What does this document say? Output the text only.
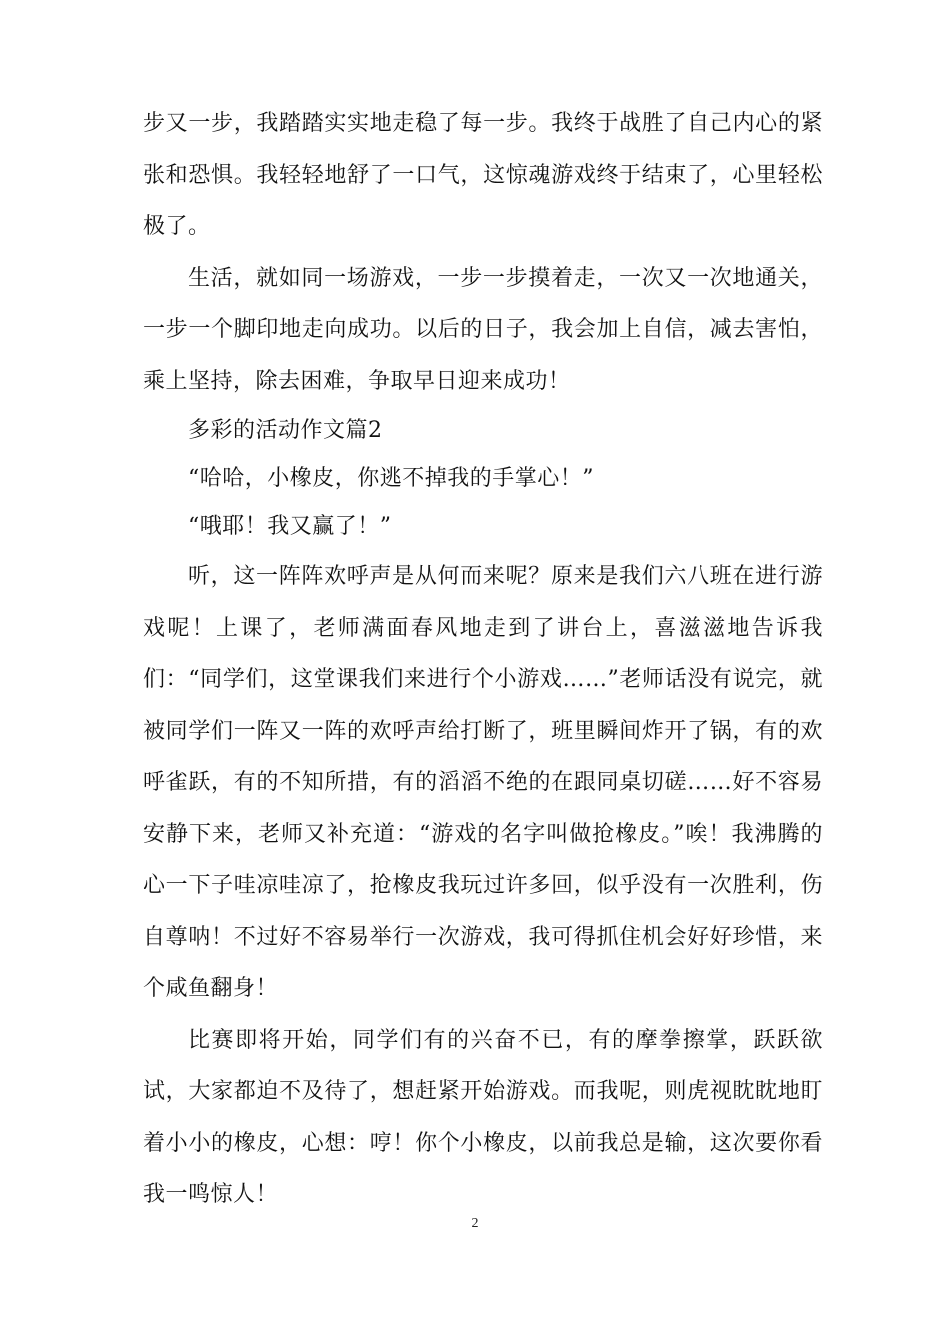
步又一步，我踏踏实实地走稳了每一步。我终于战胜了自己内心的紧张和恐惧。我轻轻地舒了一口气，这惊魂游戏终于结束了，心里轻松极了。

生活，就如同一场游戏，一步一步摸着走，一次又一次地通关，一步一个脚印地走向成功。以后的日子，我会加上自信，减去害怕，乘上坚持，除去困难，争取早日迎来成功！

多彩的活动作文篇2

“哈哈，小橡皮，你逃不掉我的手掌心！”

“哦耶！我又赢了！”

听，这一阵阵欢呼声是从何而来呢？原来是我们六八班在进行游戏呢！上课了，老师满面春风地走到了讲台上，喜滋滋地告诉我们：“同学们，这堂课我们来进行个小游戏……”老师话没有说完，就被同学们一阵又一阵的欢呼声给打断了，班里瞬间炸开了锅，有的欢呼雀跃，有的不知所措，有的滔滔不绝的在跟同桌切磋……好不容易安静下来，老师又补充道：“游戏的名字叫做抢橡皮。”唉！我沸腾的心一下子哇凉哇凉了，抢橡皮我玩过许多回，似乎没有一次胜利，伤自尊呐！不过好不容易举行一次游戏，我可得抓住机会好好珍惜，来个咸鱼翻身！

比赛即将开始，同学们有的兴奋不已，有的摩拳擦掌，跃跃欲试，大家都迫不及待了，想赶紧开始游戏。而我呢，则虎视眈眈地盯着小小的橡皮，心想：哼！你个小橡皮，以前我总是输，这次要你看我一鸣惊人！

2
